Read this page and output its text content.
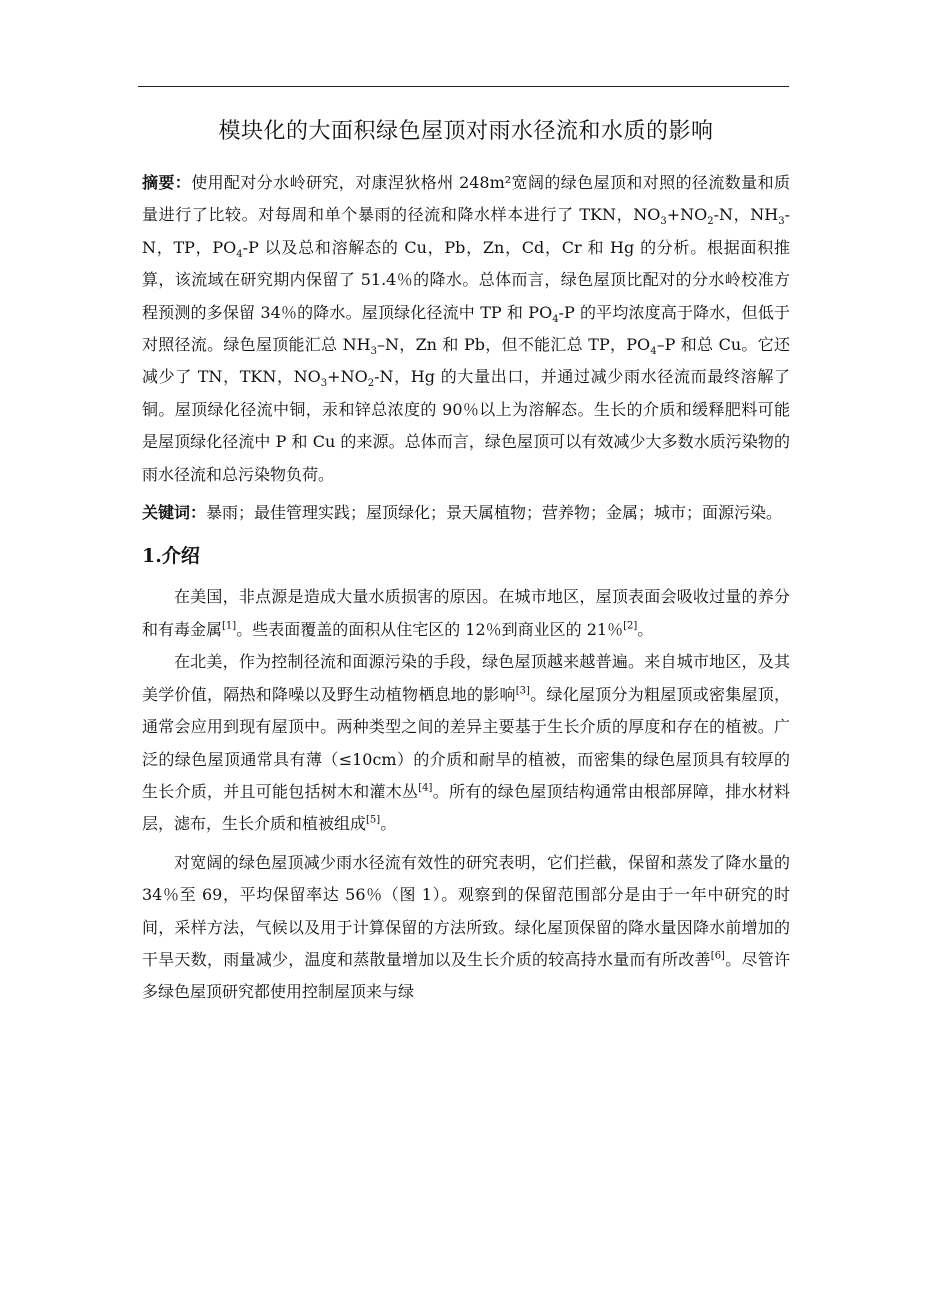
模块化的大面积绿色屋顶对雨水径流和水质的影响

摘要：使用配对分水岭研究，对康涅狄格州 248m²宽阔的绿色屋顶和对照的径流数量和质量进行了比较。对每周和单个暴雨的径流和降水样本进行了 TKN，$NO_3+NO_2-N$，$NH_3-N$，TP，$PO_4-P$ 以及总和溶解态的 Cu，Pb，Zn，Cd，Cr 和 Hg 的分析。根据面积推算，该流域在研究期内保留了 51.4％的降水。总体而言，绿色屋顶比配对的分水岭校准方程预测的多保留 34％的降水。屋顶绿化径流中 TP 和 $PO_4-P$ 的平均浓度高于降水，但低于对照径流。绿色屋顶能汇总 $NH_3-N$，Zn 和 Pb，但不能汇总 TP，$PO_4-P$ 和总 Cu。它还减少了 TN，TKN，$NO_3+NO_2-N$，Hg 的大量出口，并通过减少雨水径流而最终溶解了铜。屋顶绿化径流中铜，汞和锌总浓度的 90％以上为溶解态。生长的介质和缓释肥料可能是屋顶绿化径流中 P 和 Cu 的来源。总体而言，绿色屋顶可以有效减少大多数水质污染物的雨水径流和总污染物负荷。

关键词：暴雨；最佳管理实践；屋顶绿化；景天属植物；营养物；金属；城市；面源污染。

1.介绍

在美国，非点源是造成大量水质损害的原因。在城市地区，屋顶表面会吸收过量的养分和有毒金属[1]。些表面覆盖的面积从住宅区的 12％到商业区的 21％[2]。

在北美，作为控制径流和面源污染的手段，绿色屋顶越来越普遍。来自城市地区，及其美学价值，隔热和降噪以及野生动植物栖息地的影响[3]。绿化屋顶分为粗屋顶或密集屋顶，通常会应用到现有屋顶中。两种类型之间的差异主要基于生长介质的厚度和存在的植被。广泛的绿色屋顶通常具有薄（≤10cm）的介质和耐旱的植被，而密集的绿色屋顶具有较厚的生长介质，并且可能包括树木和灌木丛[4]。所有的绿色屋顶结构通常由根部屏障，排水材料层，滤布，生长介质和植被组成[5]。

对宽阔的绿色屋顶减少雨水径流有效性的研究表明，它们拦截，保留和蒸发了降水量的 34％至 69，平均保留率达 56％（图 1）。观察到的保留范围部分是由于一年中研究的时间，采样方法，气候以及用于计算保留的方法所致。绿化屋顶保留的降水量因降水前增加的干旱天数，雨量减少，温度和蒸散量增加以及生长介质的较高持水量而有所改善[6]。尽管许多绿色屋顶研究都使用控制屋顶来与绿
